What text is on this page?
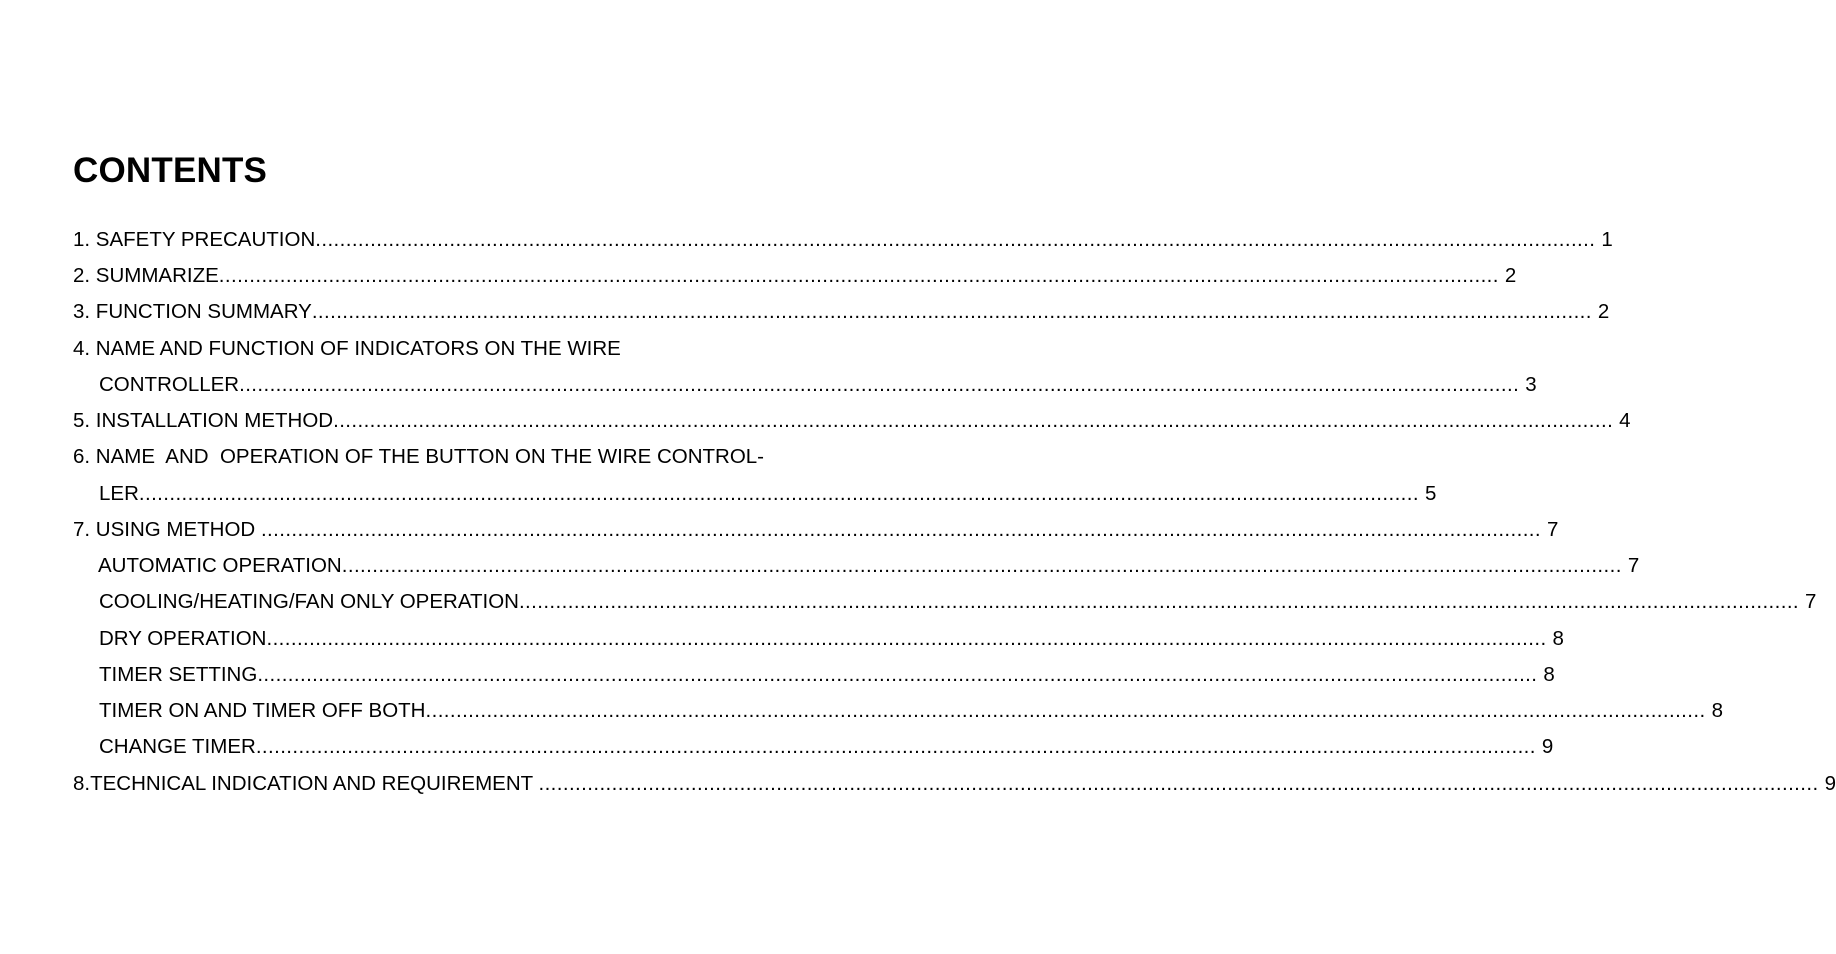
CONTENTS
1. SAFETY PRECAUTION .................................................................................................................................................................................................................. 1
2. SUMMARIZE .................................................................................................................................................................................................................. 2
3. FUNCTION SUMMARY .................................................................................................................................................................................................................. 2
4. NAME AND FUNCTION OF INDICATORS ON THE WIRE
CONTROLLER .................................................................................................................................................................................................................. 3
5. INSTALLATION METHOD .................................................................................................................................................................................................................. 4
6. NAME  AND  OPERATION OF THE BUTTON ON THE WIRE CONTROL-
LER .................................................................................................................................................................................................................. 5
7. USING METHOD .................................................................................................................................................................................................................. 7
AUTOMATIC OPERATION .................................................................................................................................................................................................................. 7
COOLING/HEATING/FAN ONLY OPERATION .................................................................................................................................................................................................................. 7
DRY OPERATION .................................................................................................................................................................................................................. 8
TIMER SETTING .................................................................................................................................................................................................................. 8
TIMER ON AND TIMER OFF BOTH .................................................................................................................................................................................................................. 8
CHANGE TIMER .................................................................................................................................................................................................................. 9
8.TECHNICAL INDICATION AND REQUIREMENT .................................................................................................................................................................................................................. 9
